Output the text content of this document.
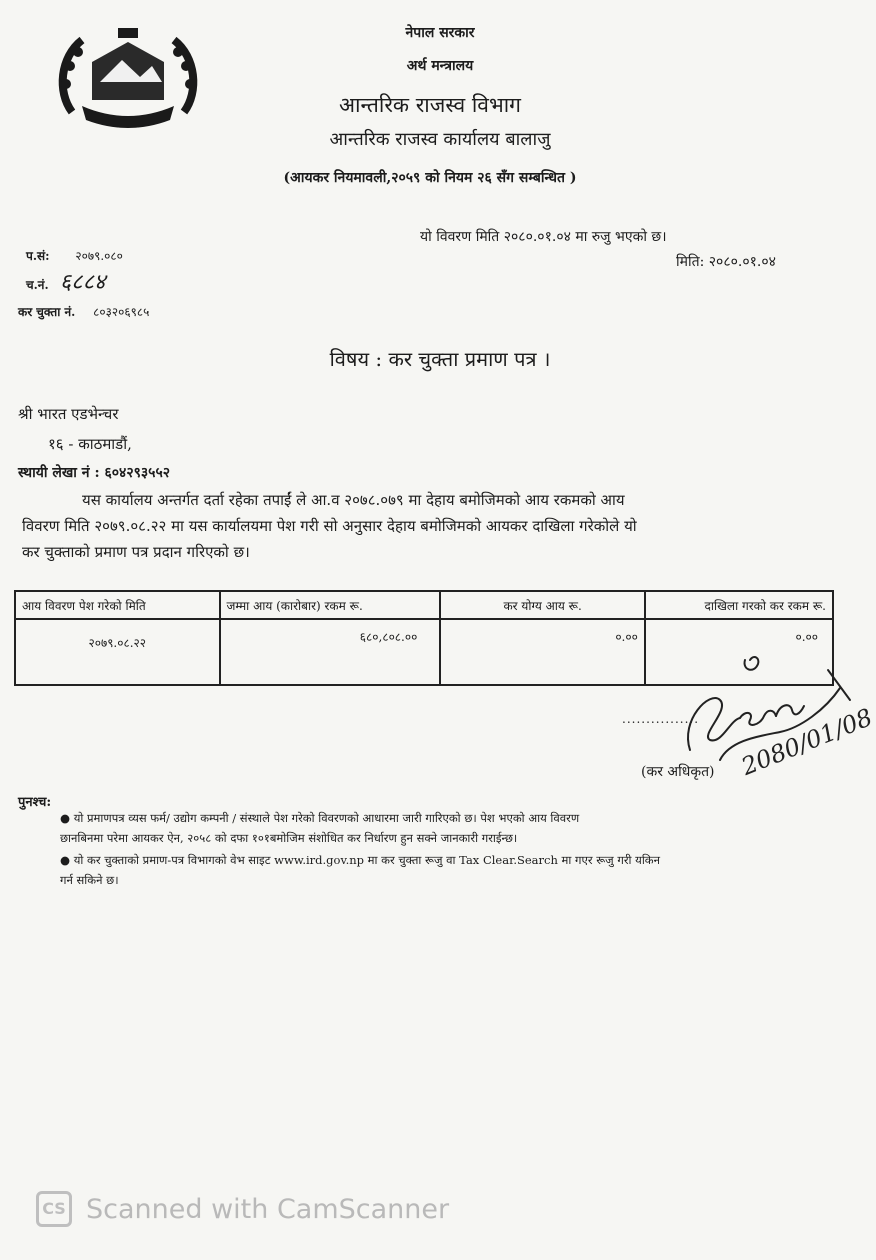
नेपाल सरकार
अर्थ मन्त्रालय
आन्तरिक राजस्व विभाग
आन्तरिक राजस्व कार्यालय बालाजु
(आयकर नियमावली,२०५९ को नियम २६ सँग सम्बन्धित )
यो विवरण मिति २०८०.०१.०४ मा रुजु भएको छ।
मिति: २०८०.०१.०४
प.सं: २०७९.०८०
च.नं. ६८८४
कर चुक्ता नं. ८०३२०६९८५
विषय : कर चुक्ता प्रमाण पत्र ।
श्री भारत एडभेन्चर
१६ - काठमाडौं,
स्थायी लेखा नं : ६०४२९३५५२
यस कार्यालय अन्तर्गत दर्ता रहेका तपाईं ले आ.व २०७८.०७९ मा देहाय बमोजिमको आय रकमको आय
विवरण मिति २०७९.०८.२२ मा यस कार्यालयमा पेश गरी सो अनुसार देहाय बमोजिमको आयकर दाखिला गरेकोले यो
कर चुक्ताको प्रमाण पत्र प्रदान गरिएको छ।
आय विवरण पेश गरेको मिति	जम्मा आय (कारोबार) रकम रू.	कर योग्य आय रू.	दाखिला गरको कर रकम रू.
२०७९.०८.२२	६८०,८०८.००	०.००	०.००
................ 2080/01/08
(कर अधिकृत)
पुनश्च:
● यो प्रमाणपत्र व्यस फर्म/ उद्योग कम्पनी / संस्थाले पेश गरेको विवरणको आधारमा जारी गारिएको छ। पेश भएको आय विवरण
छानबिनमा परेमा आयकर ऐन, २०५८ को दफा १०१बमोजिम संशोधित कर निर्धारण हुन सक्ने जानकारी गराईन्छ।
● यो कर चुक्ताको प्रमाण-पत्र विभागको वेभ साइट www.ird.gov.np मा कर चुक्ता रूजु वा Tax Clear.Search मा गएर रूजु गरी यकिन
गर्न सकिने छ।
CS Scanned with CamScanner
